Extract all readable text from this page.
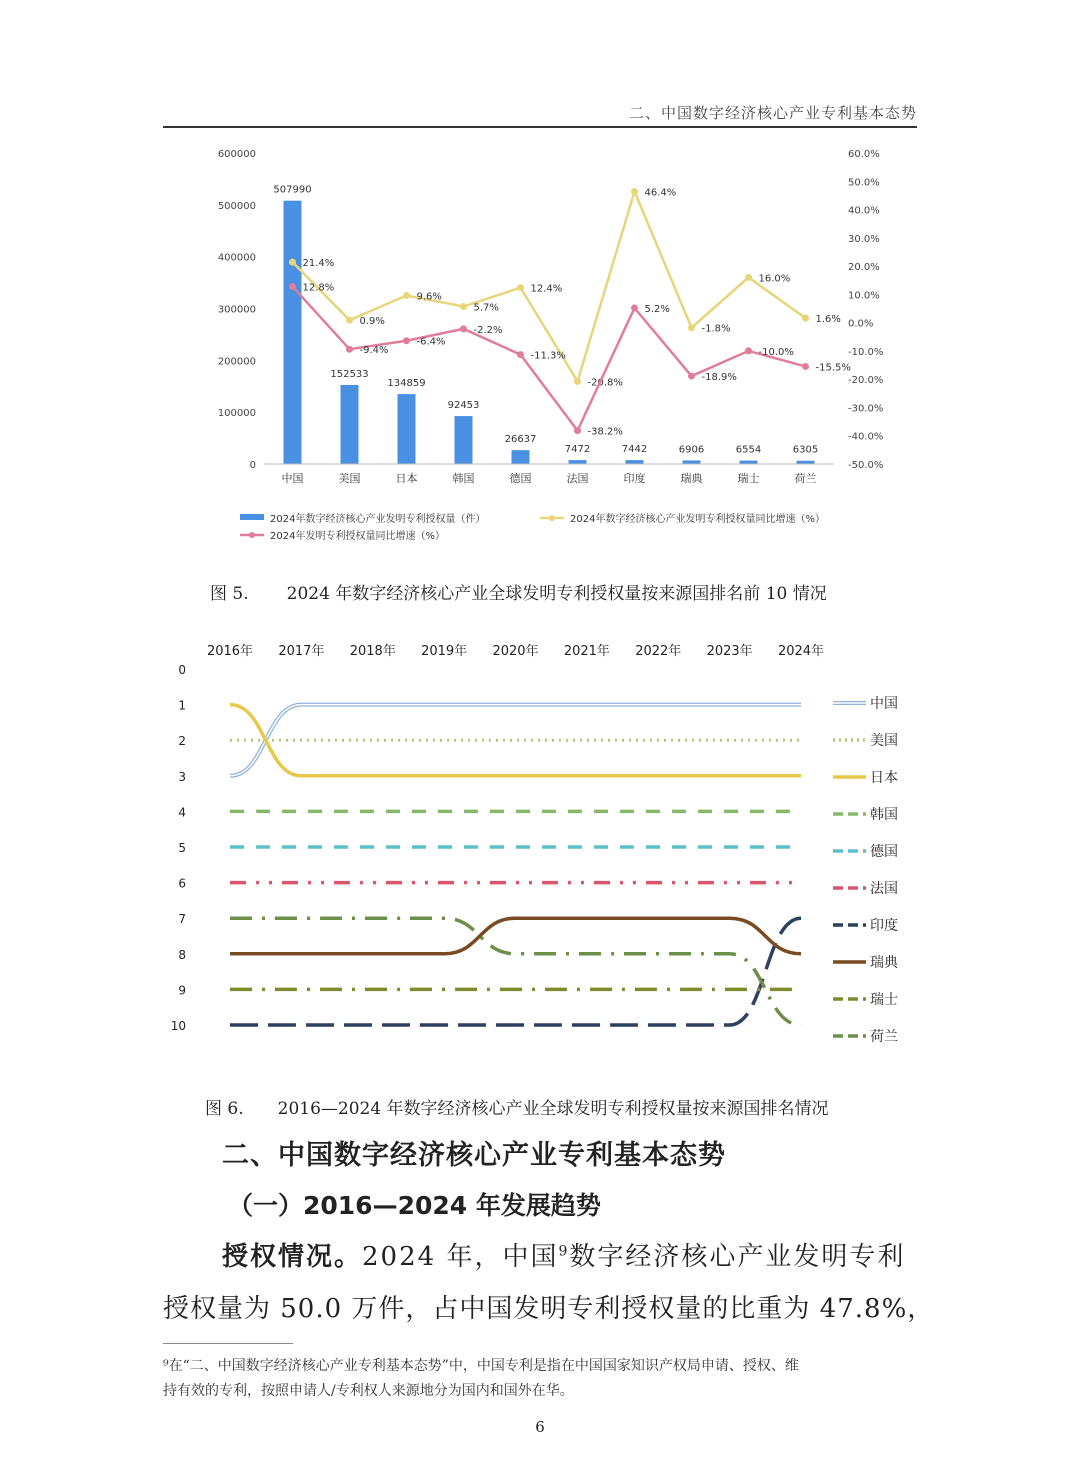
二、中国数字经济核心产业专利基本态势
0
100000
200000
300000
400000
500000
600000
-50.0%
-40.0%
-30.0%
-20.0%
-10.0%
0.0%
10.0%
20.0%
30.0%
40.0%
50.0%
60.0%
507990
152533
134859
92453
26637
7472	7442	6906	6554	6305
中国	美国	日本	韩国	德国	法国	印度	瑞典	瑞士	荷兰
21.4%
0.9%
9.6%
5.7%
12.4%
-20.8%
46.4%
-1.8%
16.0%
1.6%
12.8%
-9.4%
-6.4%
-2.2%
-11.3%
-38.2%
5.2%
-18.9%
-10.0%
-15.5%
2024年数字经济核心产业发明专利授权量（件）	2024年数字经济核心产业发明专利授权量同比增速（%）
2024年发明专利授权量同比增速（%）
图 5. 2024 年数字经济核心产业全球发明专利授权量按来源国排名前 10 情况
2016年 2017年 2018年 2019年 2020年 2021年 2022年 2023年 2024年
0
1
2
3
4
5
6
7
8
9
10
中国
美国
日本
韩国
德国
法国
印度
瑞典
瑞士
荷兰
图 6. 2016—2024 年数字经济核心产业全球发明专利授权量按来源国排名情况
二、中国数字经济核心产业专利基本态势
（一）2016—2024 年发展趋势
授权情况。2024 年，中国$^9$数字经济核心产业发明专利
授权量为 50.0 万件，占中国发明专利授权量的比重为 47.8%，
⁹在“二、中国数字经济核心产业专利基本态势”中，中国专利是指在中国国家知识产权局申请、授权、维
持有效的专利，按照申请人/专利权人来源地分为国内和国外在华。
6
